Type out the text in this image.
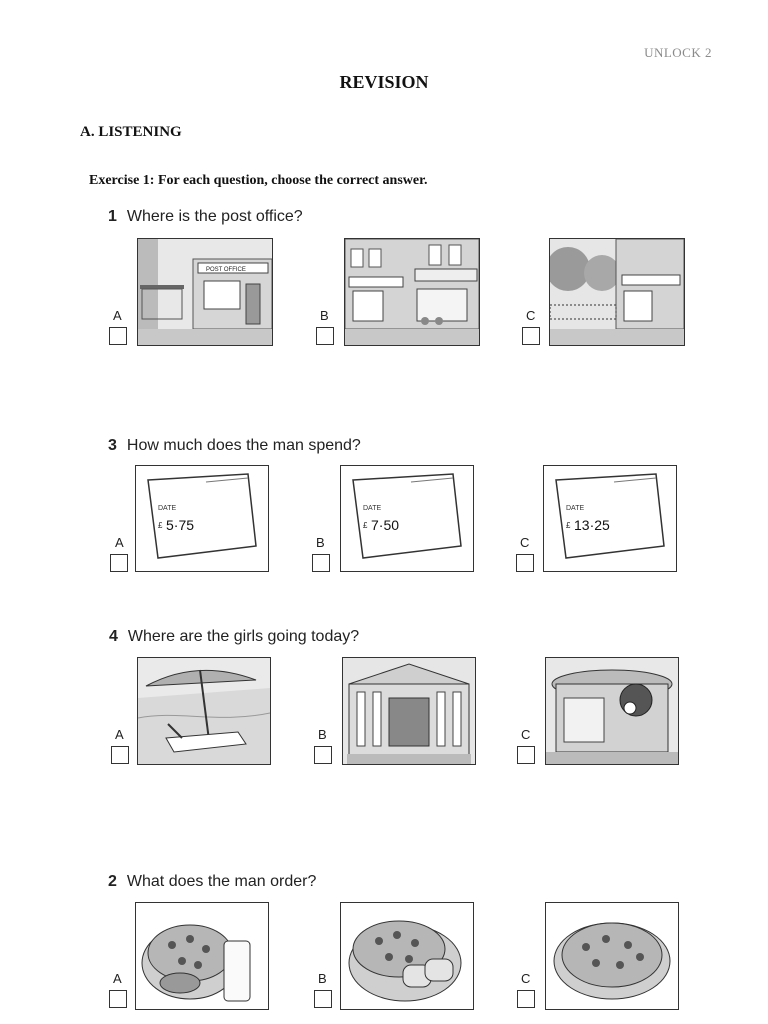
UNLOCK 2
REVISION
A. LISTENING
Exercise 1: For each question, choose the correct answer.
1 Where is the post office?
POST OFFICE
A	B	C
3 How much does the man spend?
DATE
£ 5·75
A
DATE
£ 7·50
B
DATE
£ 13·25
C
4 Where are the girls going today?
A	B	C
2 What does the man order?
A	B	C
